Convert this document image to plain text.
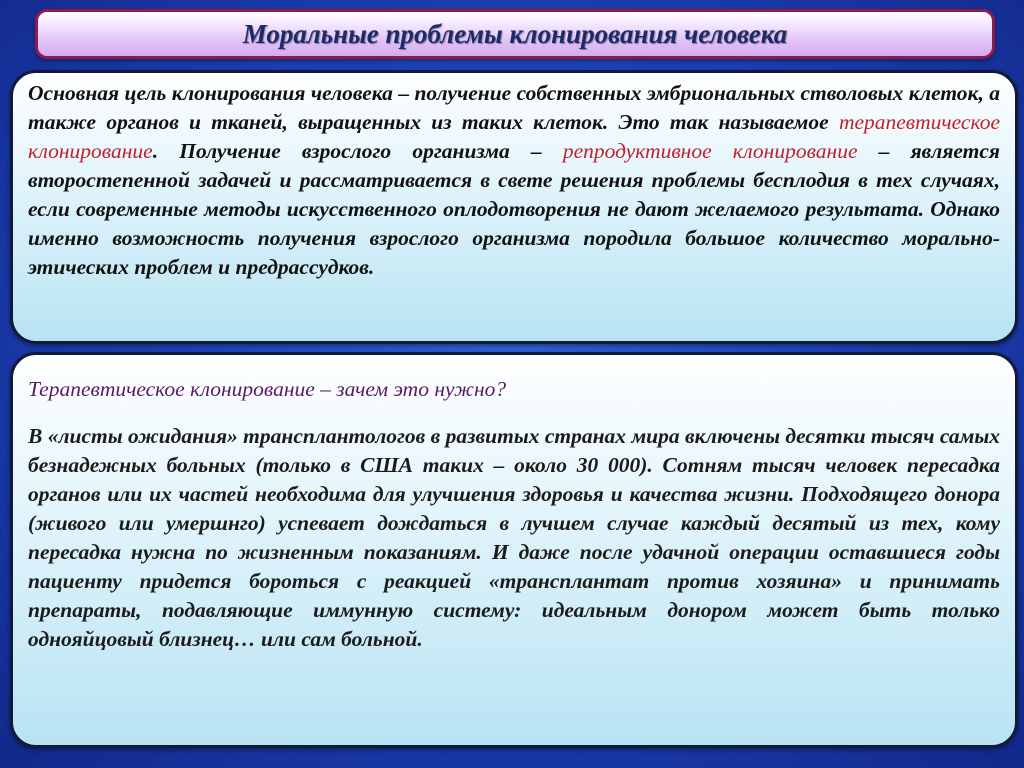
Моральные проблемы клонирования человека

Основная цель клонирования человека – получение собственных эмбриональных стволовых клеток, а также органов и тканей, выращенных из таких клеток. Это так называемое терапевтическое клонирование. Получение взрослого организма – репродуктивное клонирование – является второстепенной задачей и рассматривается в свете решения проблемы бесплодия в тех случаях, если современные методы искусственного оплодотворения не дают желаемого результата. Однако именно возможность получения взрослого организма породила большое количество морально-этических проблем и предрассудков.

Терапевтическое клонирование – зачем это нужно?

В «листы ожидания» трансплантологов в развитых странах мира включены десятки тысяч самых безнадежных больных (только в США таких – около 30 000). Сотням тысяч человек пересадка органов или их частей необходима для улучшения здоровья и качества жизни. Подходящего донора (живого или умершнго) успевает дождаться в лучшем случае каждый десятый из тех, кому пересадка нужна по жизненным показаниям. И даже после удачной операции оставшиеся годы пациенту придется бороться с реакцией «трансплантат против хозяина» и принимать препараты, подавляющие иммунную систему: идеальным донором может быть только однояйцовый близнец… или сам больной.
